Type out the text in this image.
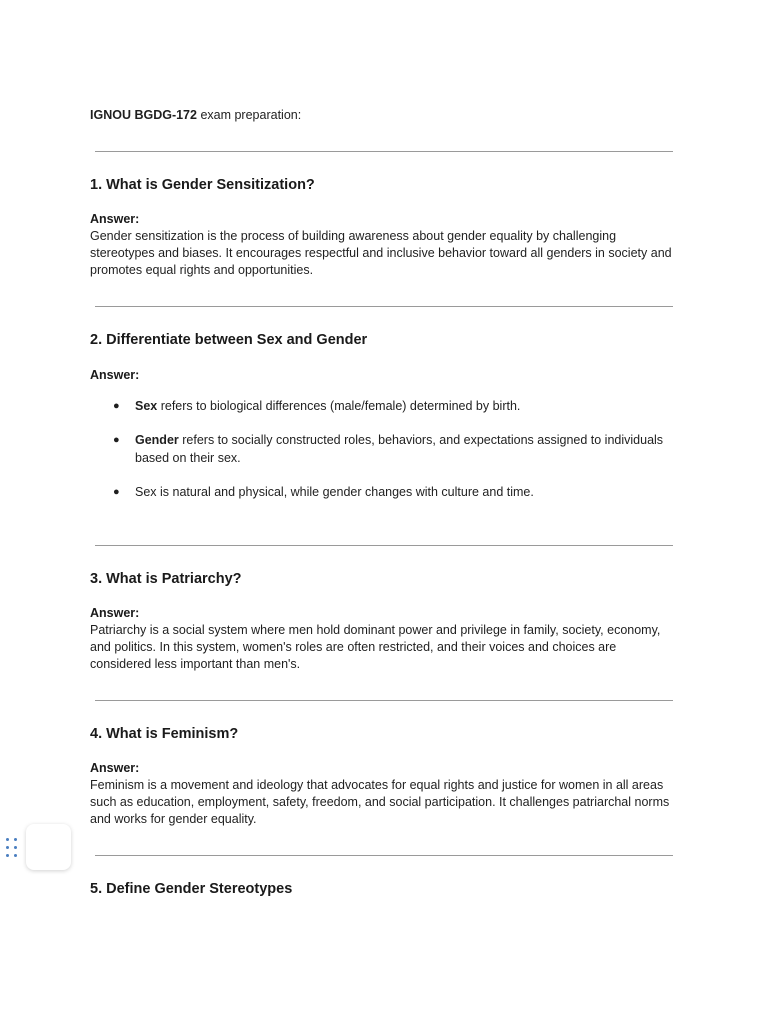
IGNOU BGDG-172 exam preparation:
1. What is Gender Sensitization?
Answer:
Gender sensitization is the process of building awareness about gender equality by challenging stereotypes and biases. It encourages respectful and inclusive behavior toward all genders in society and promotes equal rights and opportunities.
2. Differentiate between Sex and Gender
Answer:
● Sex refers to biological differences (male/female) determined by birth.
● Gender refers to socially constructed roles, behaviors, and expectations assigned to individuals based on their sex.
● Sex is natural and physical, while gender changes with culture and time.
3. What is Patriarchy?
Answer:
Patriarchy is a social system where men hold dominant power and privilege in family, society, economy, and politics. In this system, women's roles are often restricted, and their voices and choices are considered less important than men's.
4. What is Feminism?
Answer:
Feminism is a movement and ideology that advocates for equal rights and justice for women in all areas such as education, employment, safety, freedom, and social participation. It challenges patriarchal norms and works for gender equality.
5. Define Gender Stereotypes
